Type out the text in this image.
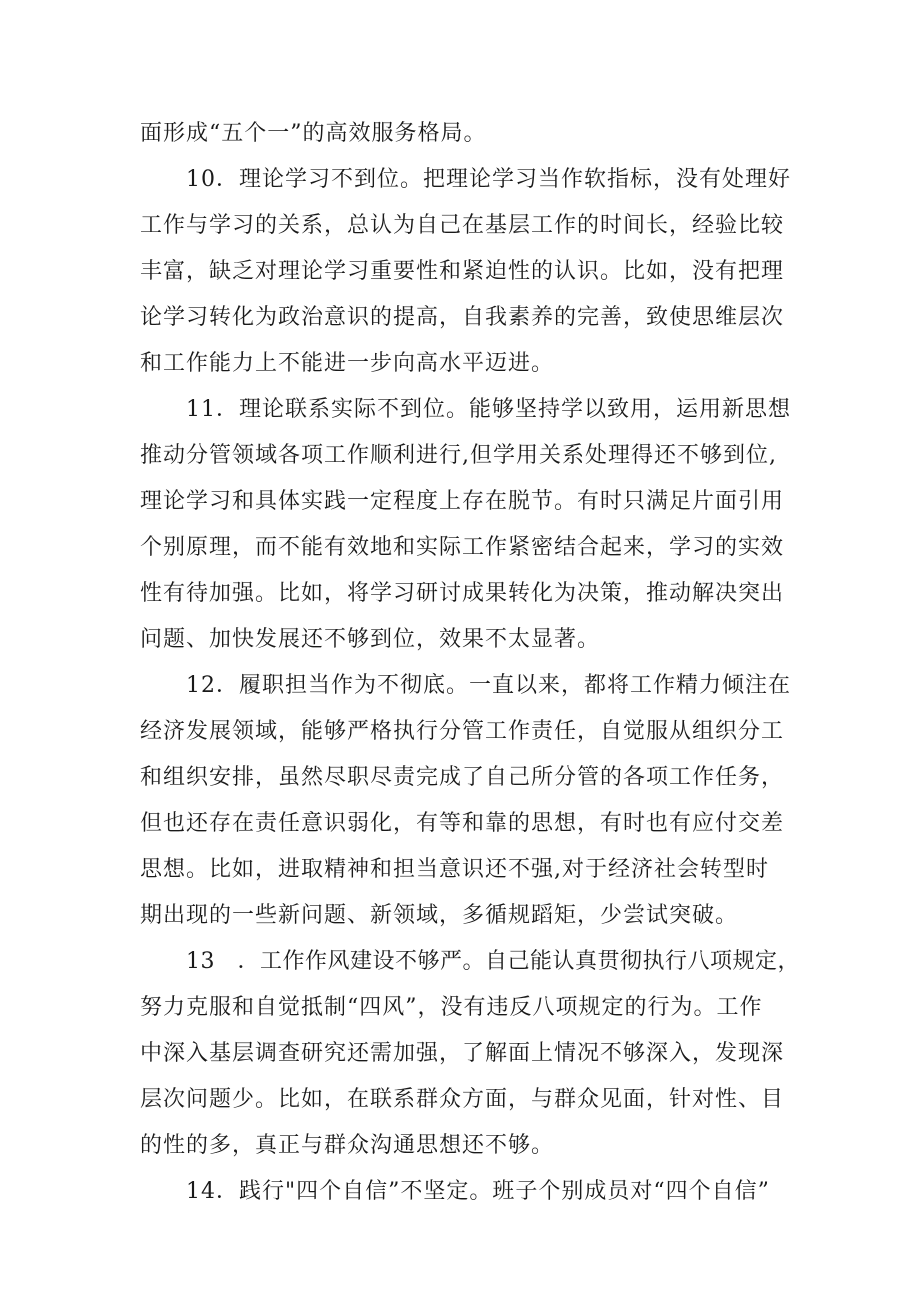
面形成“五个一”的高效服务格局。
10．理论学习不到位。把理论学习当作软指标，没有处理好
工作与学习的关系，总认为自己在基层工作的时间长，经验比较
丰富，缺乏对理论学习重要性和紧迫性的认识。比如，没有把理
论学习转化为政治意识的提高，自我素养的完善，致使思维层次
和工作能力上不能进一步向高水平迈进。
11．理论联系实际不到位。能够坚持学以致用，运用新思想
推动分管领域各项工作顺利进行,但学用关系处理得还不够到位,
理论学习和具体实践一定程度上存在脱节。有时只满足片面引用
个别原理，而不能有效地和实际工作紧密结合起来，学习的实效
性有待加强。比如，将学习研讨成果转化为决策，推动解决突出
问题、加快发展还不够到位，效果不太显著。
12．履职担当作为不彻底。一直以来，都将工作精力倾注在
经济发展领域，能够严格执行分管工作责任，自觉服从组织分工
和组织安排，虽然尽职尽责完成了自己所分管的各项工作任务，
但也还存在责任意识弱化，有等和靠的思想，有时也有应付交差
思想。比如，进取精神和担当意识还不强,对于经济社会转型时
期出现的一些新问题、新领域，多循规蹈矩，少尝试突破。
13　．工作作风建设不够严。自己能认真贯彻执行八项规定，
努力克服和自觉抵制“四风”，没有违反八项规定的行为。工作
中深入基层调查研究还需加强，了解面上情况不够深入，发现深
层次问题少。比如，在联系群众方面，与群众见面，针对性、目
的性的多，真正与群众沟通思想还不够。
14．践行"四个自信”不坚定。班子个别成员对“四个自信”
